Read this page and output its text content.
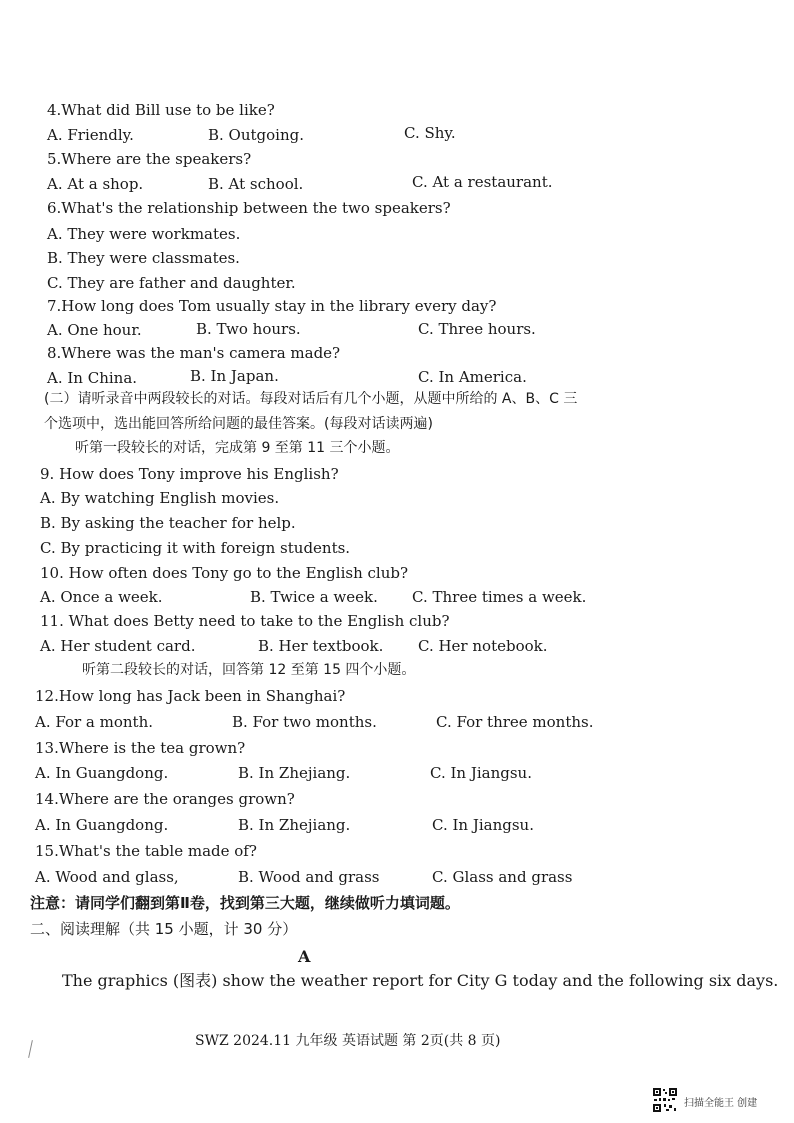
4.What did Bill use to be like?
A. Friendly.	B. Outgoing.	C. Shy.
5.Where are the speakers?
A. At a shop.	B. At school.	C. At a restaurant.
6.What's the relationship between the two speakers?
A. They were workmates.
B. They were classmates.
C. They are father and daughter.
7.How long does Tom usually stay in the library every day?
A. One hour.	B. Two hours.	C. Three hours.
8.Where was the man's camera made?
A. In China.	B. In Japan.	C. In America.
(二）请听录音中两段较长的对话。每段对话后有几个小题，从题中所给的 A、B、C 三
个选项中，选出能回答所给问题的最佳答案。(每段对话读两遍)
听第一段较长的对话，完成第 9 至第 11 三个小题。
9. How does Tony improve his English?
A. By watching English movies.
B. By asking the teacher for help.
C. By practicing it with foreign students.
10. How often does Tony go to the English club?
A. Once a week.	B. Twice a week. C. Three times a week.
11. What does Betty need to take to the English club?
A. Her student card.	B. Her textbook. C. Her notebook.
听第二段较长的对话，回答第 12 至第 15 四个小题。
12.How long has Jack been in Shanghai?
A. For a month.	B. For two months.	C. For three months.
13.Where is the tea grown?
A. In Guangdong.	B. In Zhejiang.	C. In Jiangsu.
14.Where are the oranges grown?
A. In Guangdong.	B. In Zhejiang.	C. In Jiangsu.
15.What's the table made of?
A. Wood and glass,	B. Wood and grass	C. Glass and grass
注意：请同学们翻到第Ⅱ卷，找到第三大题，继续做听力填词题。
二、阅读理解（共 15 小题，计 30 分）
A
The graphics (图表) show the weather report for City G today and the following six days.
SWZ 2024.11 九年级 英语试题 第 2页(共 8 页)
扫描全能王 创建
